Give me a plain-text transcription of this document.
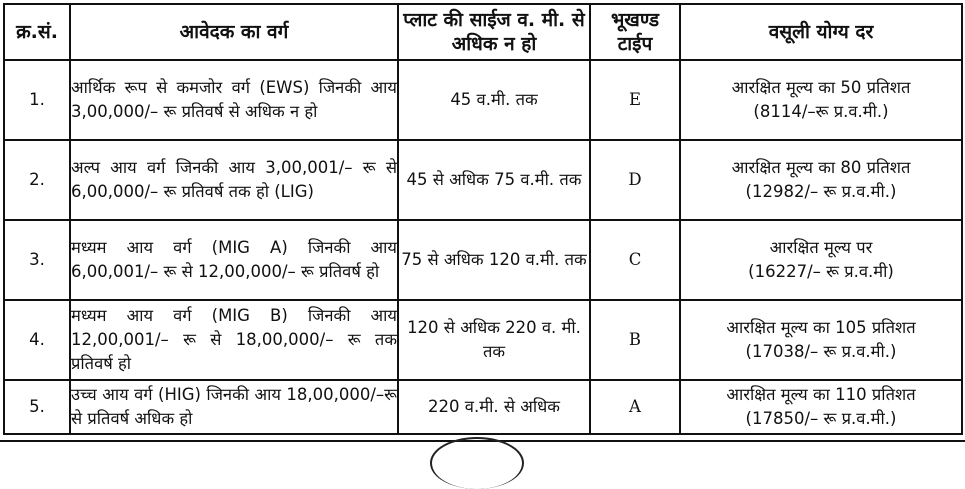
क्र.सं.	आवेदक का वर्ग	प्लाट की साईज व. मी. से अधिक न हो	भूखण्ड टाईप	वसूली योग्य दर
1.	आर्थिक रूप से कमजोर वर्ग (EWS) जिनकी आय 3,00,000/– रू प्रतिवर्ष से अधिक न हो	45 व.मी. तक	E	आरक्षित मूल्य का 50 प्रतिशत
(8114/–रू प्र.व.मी.)

2.	अल्प आय वर्ग जिनकी आय 3,00,001/– रू से 6,00,000/– रू प्रतिवर्ष तक हो (LIG)	45 से अधिक 75 व.मी. तक	D	आरक्षित मूल्य का 80 प्रतिशत
(12982/– रू प्र.व.मी.)

3.	मध्यम आय वर्ग (MIG A) जिनकी आय 6,00,001/– रू से 12,00,000/– रू प्रतिवर्ष हो	75 से अधिक 120 व.मी. तक	C	आरक्षित मूल्य पर
(16227/– रू प्र.व.मी)

4.	मध्यम आय वर्ग (MIG B) जिनकी आय 12,00,001/– रू से 18,00,000/– रू तक प्रतिवर्ष हो	120 से अधिक 220 व. मी. तक	B	आरक्षित मूल्य का 105 प्रतिशत
(17038/– रू प्र.व.मी.)

5.	उच्च आय वर्ग (HIG) जिनकी आय 18,00,000/–रू से प्रतिवर्ष अधिक हो	220 व.मी. से अधिक	A	आरक्षित मूल्य का 110 प्रतिशत
(17850/– रू प्र.व.मी.)
